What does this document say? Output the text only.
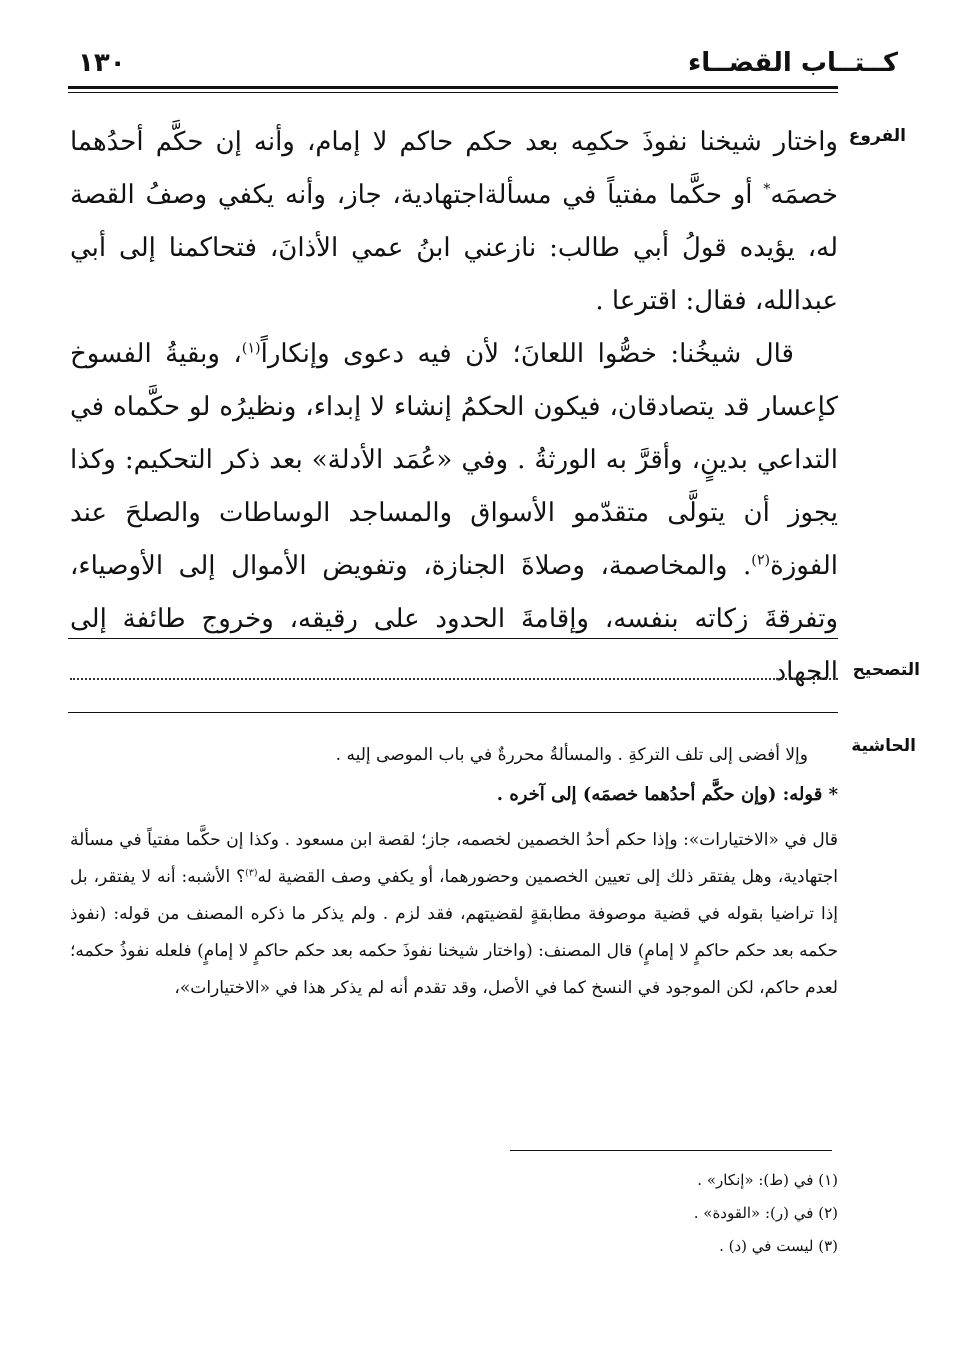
١٣٠	كــتــاب القضــاء
الفروع
التصحيح
الحاشية

واختار شيخنا نفوذَ حكمِه بعد حكم حاكم لا إمام، وأنه إن حكَّم أحدُهما خصمَه* أو حكَّما مفتياً في مسألةاجتهادية، جاز، وأنه يكفي وصفُ القصة له، يؤيده قولُ أبي طالب: نازعني ابنُ عمي الأذانَ، فتحاكمنا إلى أبي عبدالله، فقال: اقترعا .

قال شيخُنا: خصُّوا اللعانَ؛ لأن فيه دعوى وإنكاراً$^{(١)}$، وبقيةُ الفسوخ كإعسار قد يتصادقان، فيكون الحكمُ إنشاء لا إبداء، ونظيرُه لو حكَّماه في التداعي بدينٍ، وأقرَّ به الورثةُ . وفي «عُمَد الأدلة» بعد ذكر التحكيم: وكذا يجوز أن يتولَّى متقدّمو الأسواق والمساجد الوساطات والصلحَ عند الفوزة$^{(٢)}$. والمخاصمة، وصلاةَ الجنازة، وتفويض الأموال إلى الأوصياء، وتفرقةَ زكاته بنفسه، وإقامةَ الحدود على رقيقه، وخروج طائفة إلى الجهاد

وإلا أفضى إلى تلف التركةِ . والمسألةُ محررةٌ في باب الموصى إليه .

* قوله: (وإن حكَّم أحدُهما خصمَه) إلى آخره .

قال في «الاختيارات»: وإذا حكم أحدُ الخصمين لخصمه، جاز؛ لقصة ابن مسعود . وكذا إن حكَّما مفتياً في مسألة اجتهادية، وهل يفتقر ذلك إلى تعيين الخصمين وحضورهما، أو يكفي وصف القضية له$^{(٣)}$؟ الأشبه: أنه لا يفتقر، بل إذا تراضيا بقوله في قضية موصوفة مطابقةٍ لقضيتهم، فقد لزم . ولم يذكر ما ذكره المصنف من قوله: (نفوذ حكمه بعد حكم حاكمٍ لا إمامٍ) قال المصنف: (واختار شيخنا نفوذَ حكمه بعد حكم حاكمٍ لا إمامٍ) فلعله نفوذُ حكمه؛ لعدم حاكم، لكن الموجود في النسخ كما في الأصل، وقد تقدم أنه لم يذكر هذا في «الاختيارات»،

(١) في (ط): «إنكار» .
(٢) في (ر): «القودة» .
(٣) ليست في (د) .
